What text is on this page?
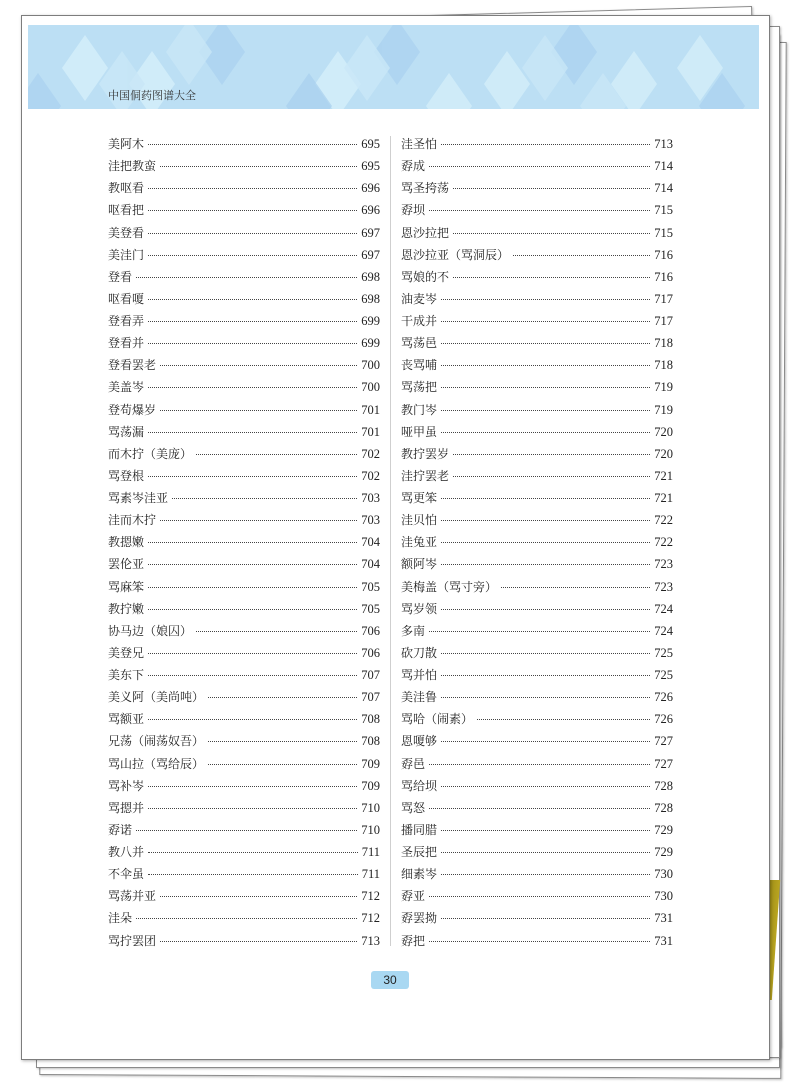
中国侗药图谱大全
美阿木	695
洼把教蛮	695
教呕看	696
呕看把	696
美登看	697
美洼门	697
登看	698
呕看嗄	698
登看弄	699
登看并	699
登看罢老	700
美盖岑	700
登苟爆岁	701
骂荡漏	701
而木拧（美庞）	702
骂登根	702
骂素岑洼亚	703
洼而木拧	703
教摁嫩	704
罢伦亚	704
骂麻笨	705
教拧嫩	705
协马边（娘囚）	706
美登兄	706
美东下	707
美义阿（美尚吨）	707
骂额亚	708
兄荡（闹荡奴吾）	708
骂山拉（骂给辰）	709
骂补岑	709
骂摁并	710
孬诺	710
教八并	711
不伞虽	711
骂荡并亚	712
洼朵	712
骂拧罢团	713
洼圣怕	713
孬成	714
骂圣挎荡	714
孬坝	715
恩沙拉把	715
恩沙拉亚（骂洞辰）	716
骂娘的不	716
油麦岑	717
干成并	717
骂荡邑	718
丧骂哺	718
骂荡把	719
教门岑	719
哑甲虽	720
教拧罢岁	720
洼拧罢老	721
骂更笨	721
洼贝怕	722
洼兔亚	722
额阿岑	723
美梅盖（骂寸旁）	723
骂岁领	724
多南	724
砍刀散	725
骂并怕	725
美洼鲁	726
骂哈（闹素）	726
恩嗄够	727
孬邑	727
骂给坝	728
骂怒	728
播同腊	729
圣辰把	729
细素岑	730
孬亚	730
孬罢拗	731
孬把	731
30
